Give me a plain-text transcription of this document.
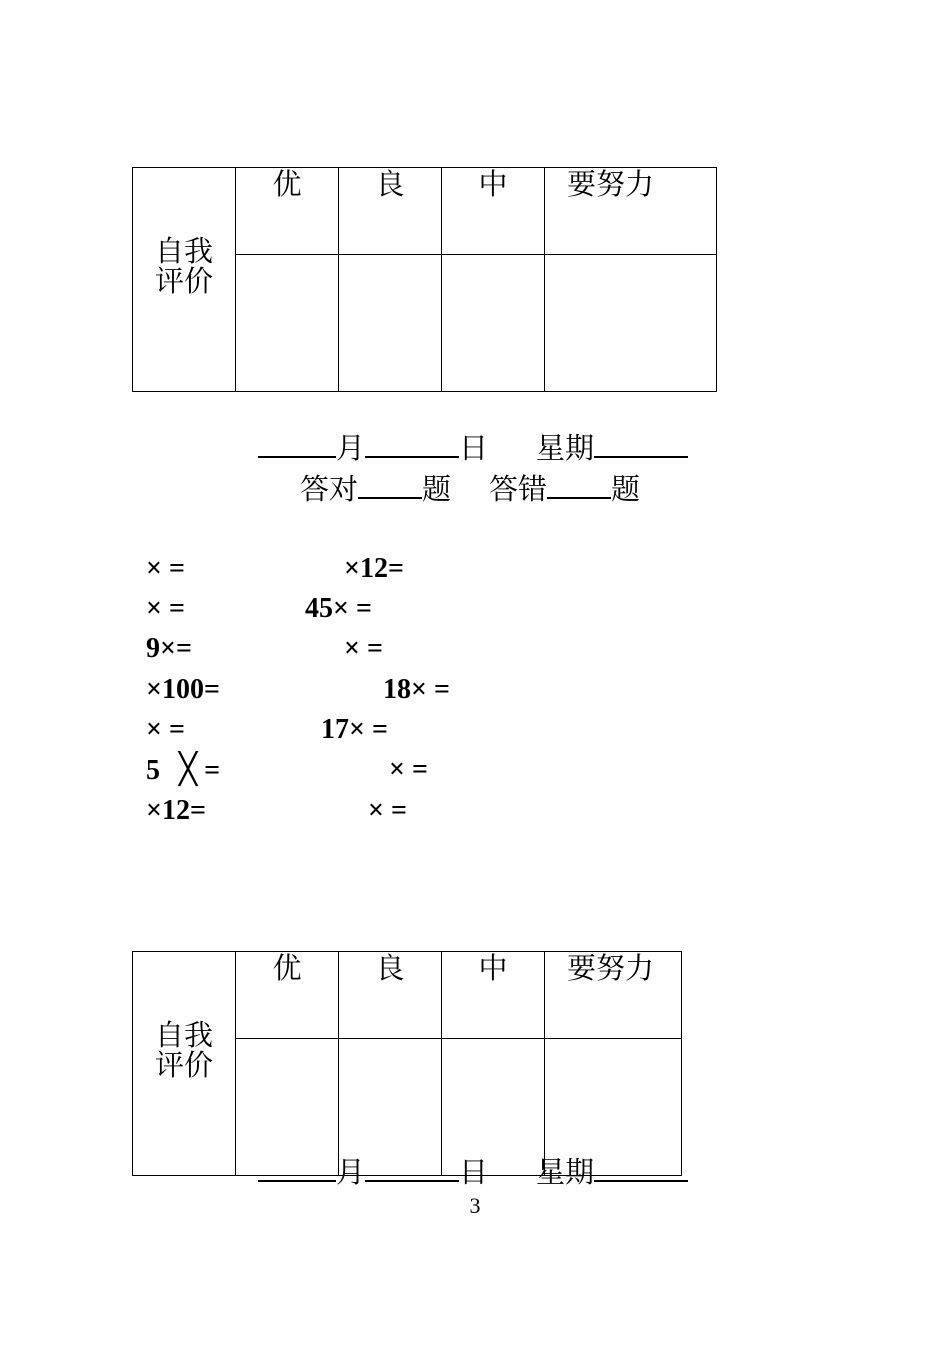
自我
评价	优	良	中	要努力

月	日 星期
答对 题 答错 题
× =	×12=
× =	45× =
9×=	× =
×100=	18× =
× =	17× =
5 ╳ =	× =
×12=	× =
自我
评价	优	良	中	要努力

月	日 星期
3
